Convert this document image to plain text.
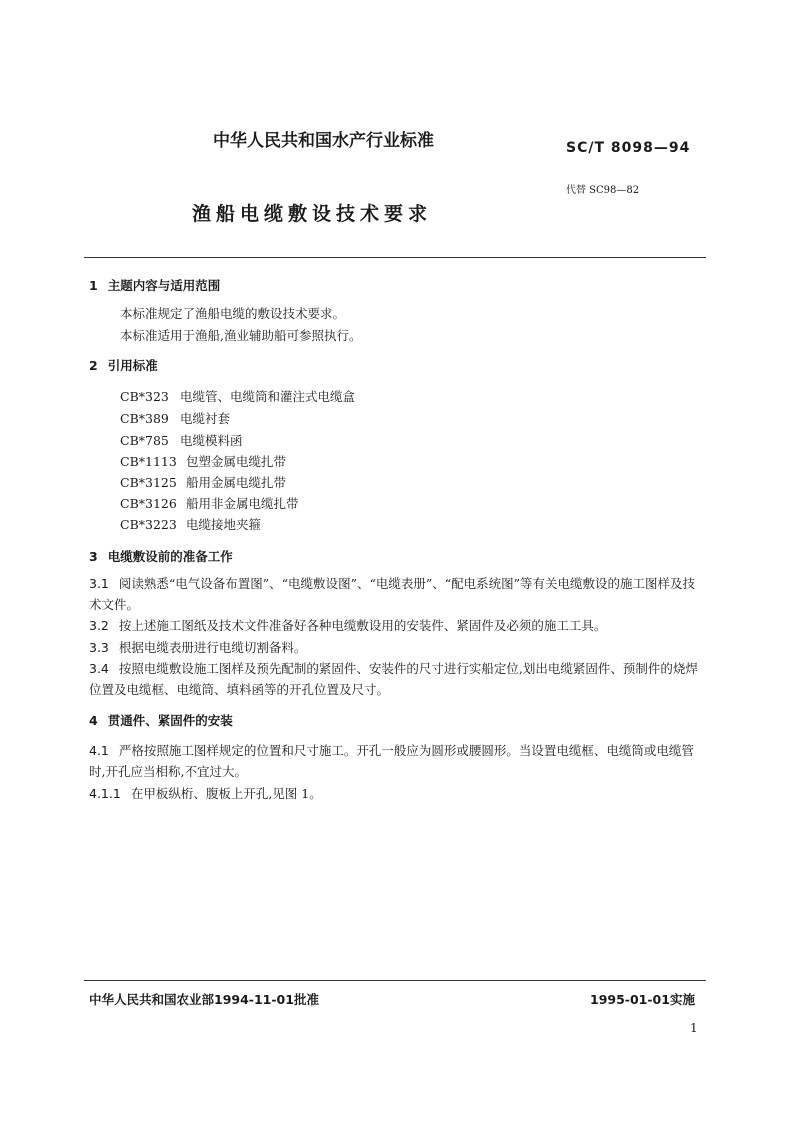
中华人民共和国水产行业标准	SC/T 8098—94
代替 SC98—82
渔船电缆敷设技术要求
1 主题内容与适用范围
本标准规定了渔船电缆的敷设技术要求。
本标准适用于渔船,渔业辅助船可参照执行。
2 引用标准
CB*323 电缆管、电缆筒和灌注式电缆盒
CB*389 电缆衬套
CB*785 电缆模料函
CB*1113 包塑金属电缆扎带
CB*3125 船用金属电缆扎带
CB*3126 船用非金属电缆扎带
CB*3223 电缆接地夹箍
3 电缆敷设前的准备工作
3.1 阅读熟悉“电气设备布置图”、“电缆敷设图”、“电缆表册”、“配电系统图”等有关电缆敷设的施工图样及技术文件。
3.2 按上述施工图纸及技术文件准备好各种电缆敷设用的安装件、紧固件及必须的施工工具。
3.3 根据电缆表册进行电缆切割备料。
3.4 按照电缆敷设施工图样及预先配制的紧固件、安装件的尺寸进行实船定位,划出电缆紧固件、预制件的烧焊位置及电缆框、电缆筒、填料函等的开孔位置及尺寸。
4 贯通件、紧固件的安装
4.1 严格按照施工图样规定的位置和尺寸施工。开孔一般应为圆形或腰圆形。当设置电缆框、电缆筒或电缆管时,开孔应当相称,不宜过大。
4.1.1 在甲板纵桁、腹板上开孔,见图 1。
中华人民共和国农业部1994-11-01批准	1995-01-01实施
1
